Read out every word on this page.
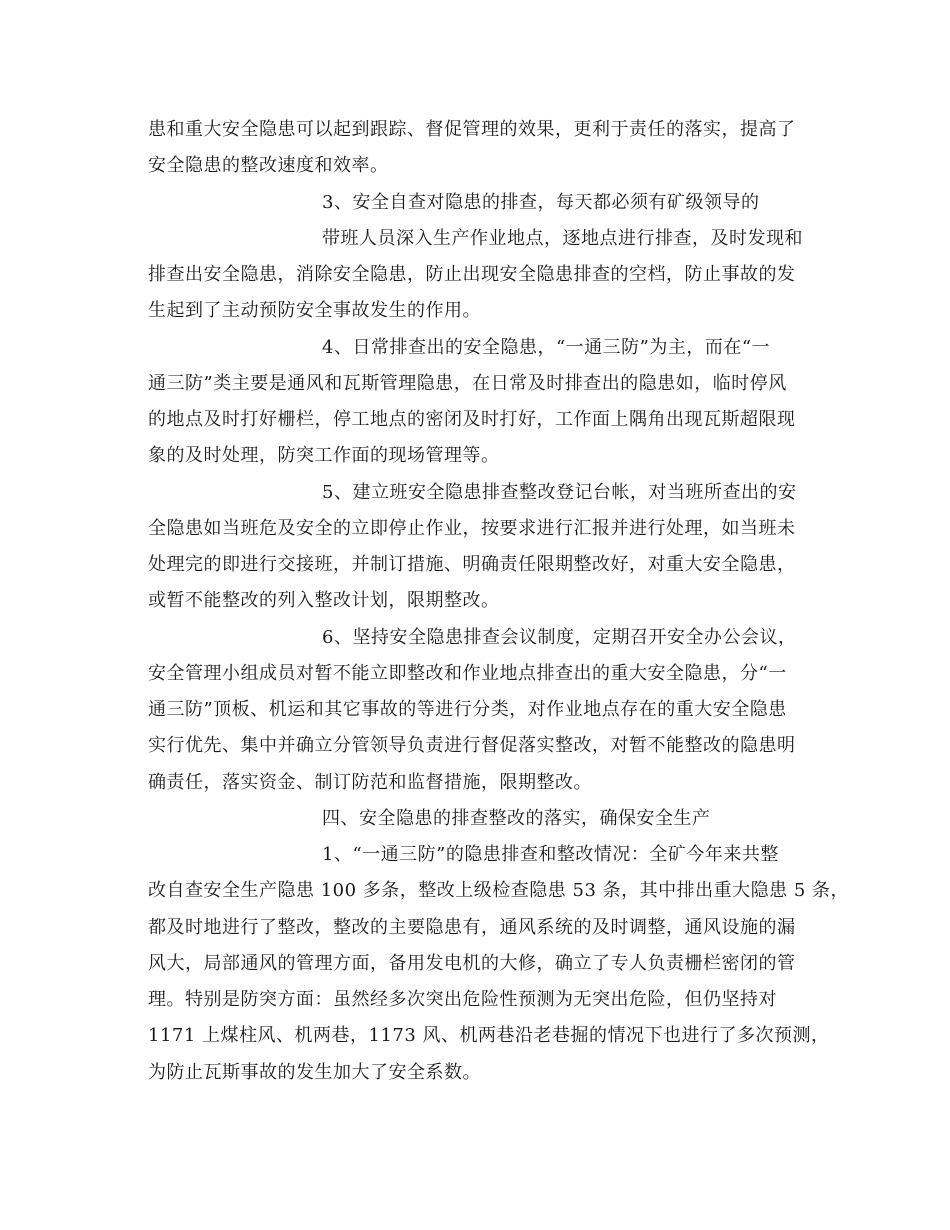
患和重大安全隐患可以起到跟踪、督促管理的效果，更利于责任的落实，提高了
安全隐患的整改速度和效率。
3、安全自查对隐患的排查，每天都必须有矿级领导的
带班人员深入生产作业地点，逐地点进行排查，及时发现和
排查出安全隐患，消除安全隐患，防止出现安全隐患排查的空档，防止事故的发
生起到了主动预防安全事故发生的作用。
4、日常排查出的安全隐患，“一通三防”为主，而在“一
通三防”类主要是通风和瓦斯管理隐患，在日常及时排查出的隐患如，临时停风
的地点及时打好栅栏，停工地点的密闭及时打好，工作面上隅角出现瓦斯超限现
象的及时处理，防突工作面的现场管理等。
5、建立班安全隐患排查整改登记台帐，对当班所查出的安
全隐患如当班危及安全的立即停止作业，按要求进行汇报并进行处理，如当班未
处理完的即进行交接班，并制订措施、明确责任限期整改好，对重大安全隐患，
或暂不能整改的列入整改计划，限期整改。
6、坚持安全隐患排查会议制度，定期召开安全办公会议，
安全管理小组成员对暂不能立即整改和作业地点排查出的重大安全隐患，分“一
通三防”顶板、机运和其它事故的等进行分类，对作业地点存在的重大安全隐患
实行优先、集中并确立分管领导负责进行督促落实整改，对暂不能整改的隐患明
确责任，落实资金、制订防范和监督措施，限期整改。
四、安全隐患的排查整改的落实，确保安全生产
1、“一通三防”的隐患排查和整改情况：全矿今年来共整
改自查安全生产隐患 100 多条，整改上级检查隐患 53 条，其中排出重大隐患 5 条，
都及时地进行了整改，整改的主要隐患有，通风系统的及时调整，通风设施的漏
风大，局部通风的管理方面，备用发电机的大修，确立了专人负责栅栏密闭的管
理。特别是防突方面：虽然经多次突出危险性预测为无突出危险，但仍坚持对
1171 上煤柱风、机两巷，1173 风、机两巷沿老巷掘的情况下也进行了多次预测，
为防止瓦斯事故的发生加大了安全系数。
